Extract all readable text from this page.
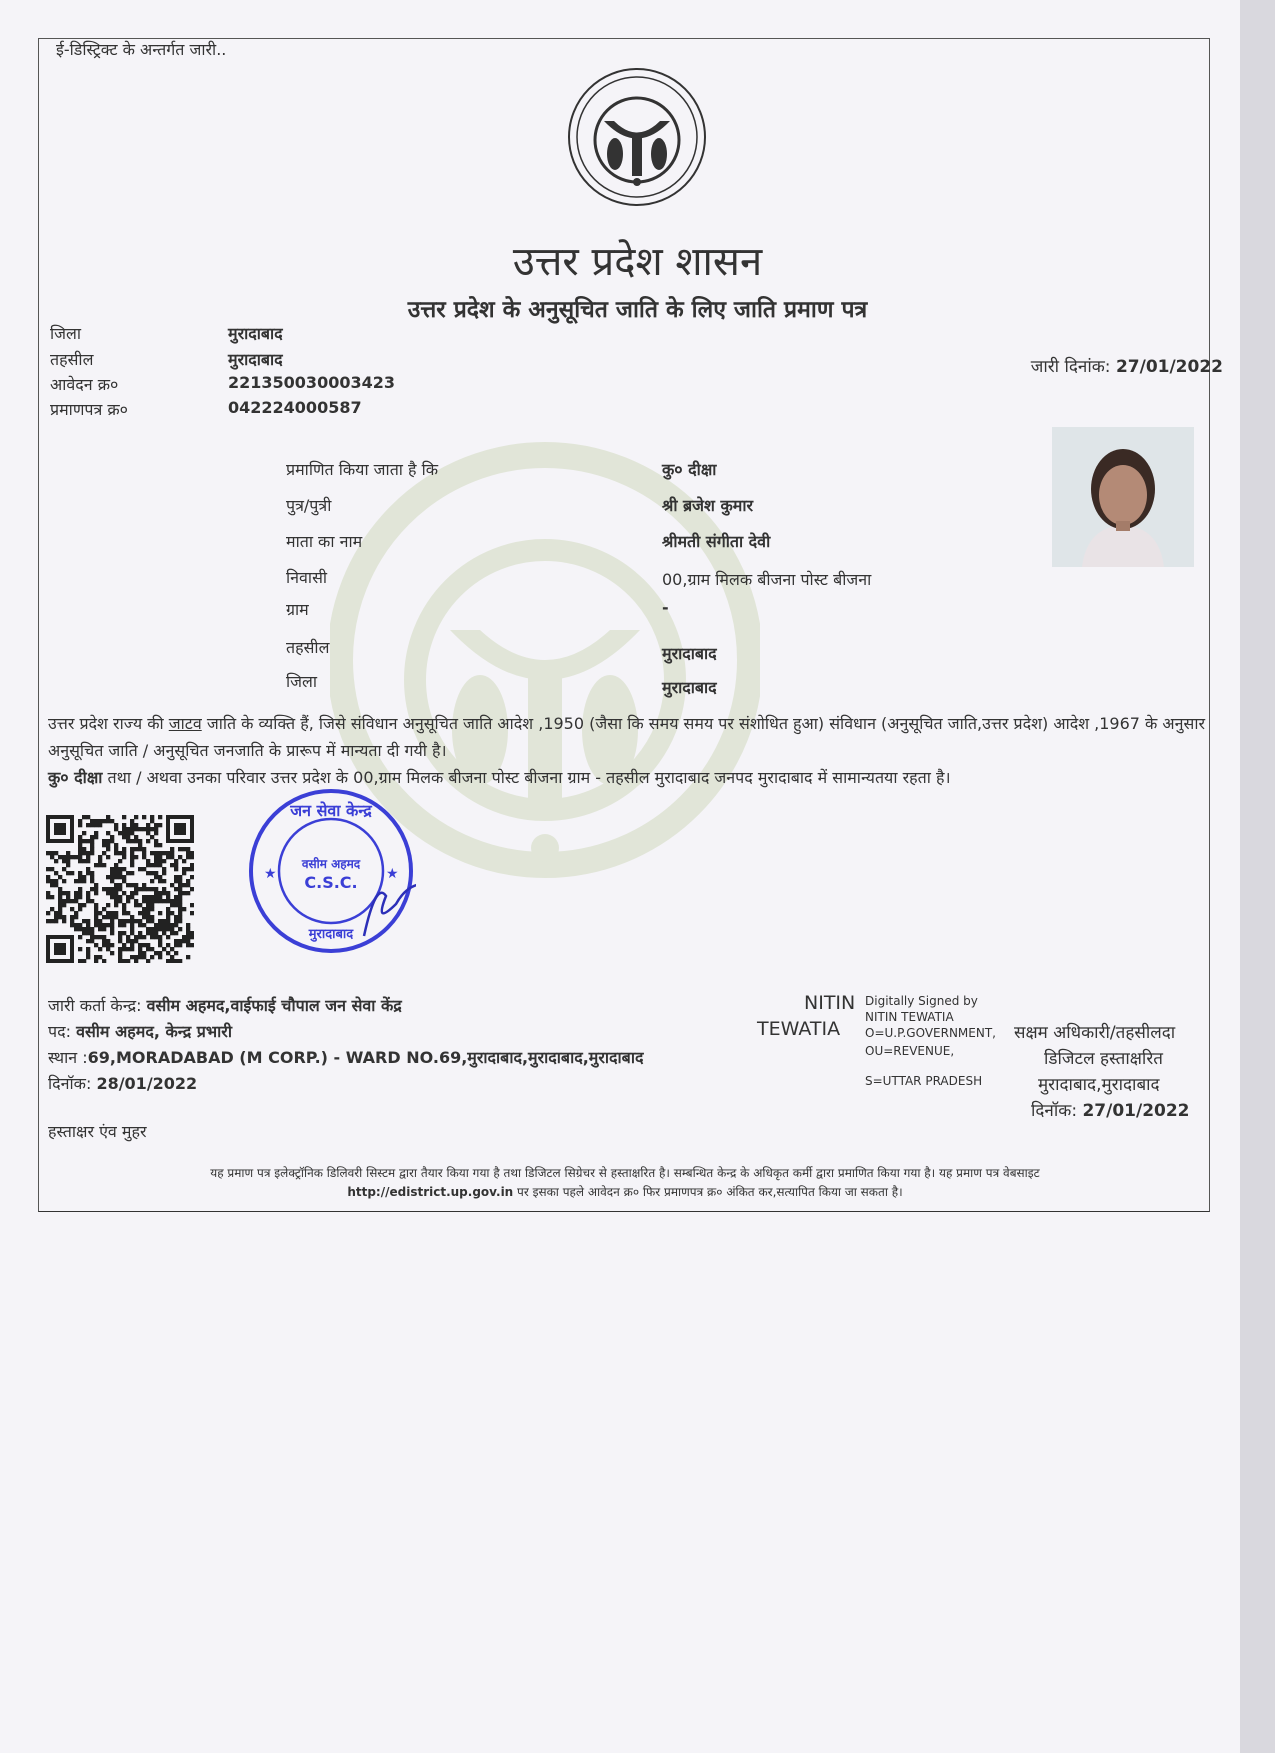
ई-डिस्ट्रिक्ट के अन्तर्गत जारी..
उत्तर प्रदेश शासन
उत्तर प्रदेश के अनुसूचित जाति के लिए जाति प्रमाण पत्र
जिला	मुरादाबाद
तहसील	मुरादाबाद
आवेदन क्र०	221350030003423
प्रमाणपत्र क्र०	042224000587
जारी दिनांक: 27/01/2022
प्रमाणित किया जाता है कि	कु० दीक्षा
पुत्र/पुत्री	श्री ब्रजेश कुमार
माता का नाम	श्रीमती संगीता देवी
निवासी	00,ग्राम मिलक बीजना पोस्ट बीजना
ग्राम	-
तहसील	मुरादाबाद
जिला	मुरादाबाद
उत्तर प्रदेश राज्य की जाटव जाति के व्यक्ति हैं, जिसे संविधान अनुसूचित जाति आदेश ,1950 (जैसा कि समय समय पर संशोधित हुआ) संविधान (अनुसूचित जाति,उत्तर प्रदेश) आदेश ,1967 के अनुसार अनुसूचित जाति / अनुसूचित जनजाति के प्रारूप में मान्यता दी गयी है।
कु० दीक्षा तथा / अथवा उनका परिवार उत्तर प्रदेश के 00,ग्राम मिलक बीजना पोस्ट बीजना ग्राम - तहसील मुरादाबाद जनपद मुरादाबाद में सामान्यतया रहता है।
जन सेवा केन्द्र
वसीम अहमद
C.S.C.
मुरादाबाद
★	★
जारी कर्ता केन्द्र: वसीम अहमद,वाईफाई चौपाल जन सेवा केंद्र
पद: वसीम अहमद, केन्द्र प्रभारी
स्थान :69,MORADABAD (M CORP.) - WARD NO.69,मुरादाबाद,मुरादाबाद,मुरादाबाद
दिनॉक: 28/01/2022
हस्ताक्षर एंव मुहर
NITIN
TEWATIA
Digitally Signed by
NITIN TEWATIA
O=U.P.GOVERNMENT,
OU=REVENUE,
S=UTTAR PRADESH
सक्षम अधिकारी/तहसीलदा
डिजिटल हस्ताक्षरित
मुरादाबाद,मुरादाबाद
दिनॉक: 27/01/2022
यह प्रमाण पत्र इलेक्ट्रॉनिक डिलिवरी सिस्टम द्वारा तैयार किया गया है तथा डिजिटल सिग्रेचर से हस्ताक्षरित है। सम्बन्धित केन्द्र के अधिकृत कर्मी द्वारा प्रमाणित किया गया है। यह प्रमाण पत्र वेबसाइट
http://edistrict.up.gov.in पर इसका पहले आवेदन क्र० फिर प्रमाणपत्र क्र० अंकित कर,सत्यापित किया जा सकता है।
